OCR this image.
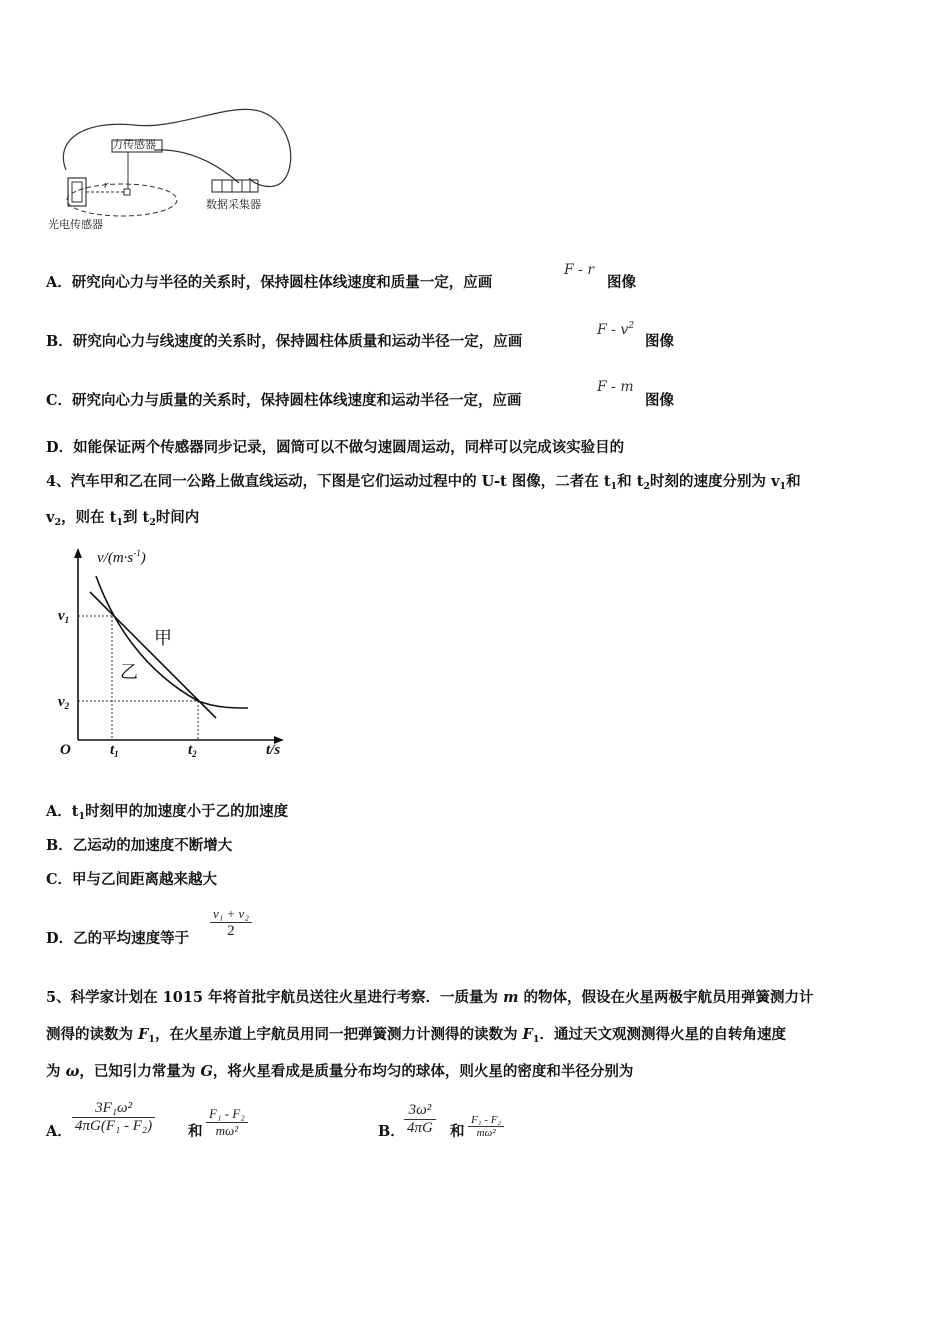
力传感器
r
数据采集器
光电传感器
A．研究向心力与半径的关系时，保持圆柱体线速度和质量一定，应画
F - r
图像
B．研究向心力与线速度的关系时，保持圆柱体质量和运动半径一定，应画
F - $v^2$
图像
C．研究向心力与质量的关系时，保持圆柱体线速度和运动半径一定，应画
F - m
图像
D．如能保证两个传感器同步记录，圆筒可以不做匀速圆周运动，同样可以完成该实验目的
4、汽车甲和乙在同一公路上做直线运动，下图是它们运动过程中的 U-t 图像，二者在 $t_1$和 $t_2$时刻的速度分别为 $v_1$和
$v_2$，则在 $t_1$到 $t_2$时间内
$v/(m\cdot s^{-1})$
t/s
O
$v_1$
$v_2$
$t_1$	$t_2$
甲
乙
A．$t_1$时刻甲的加速度小于乙的加速度
B．乙运动的加速度不断增大
C．甲与乙间距离越来越大
D．乙的平均速度等于
v₁ + v₂
2
5、科学家计划在 1015 年将首批宇航员送往火星进行考察．一质量为 m 的物体，假设在火星两极宇航员用弹簧测力计
测得的读数为 $F_1$，在火星赤道上宇航员用同一把弹簧测力计测得的读数为 $F_1$．通过天文观测测得火星的自转角速度
为 ω，已知引力常量为 G，将火星看成是质量分布均匀的球体，则火星的密度和半径分别为
A．
3F₁ω²
4πG(F₁ - F₂) 和
F₁ - F₂
mω²	B．
3ω²
4πG 和
F₁ - F₂
mω²
